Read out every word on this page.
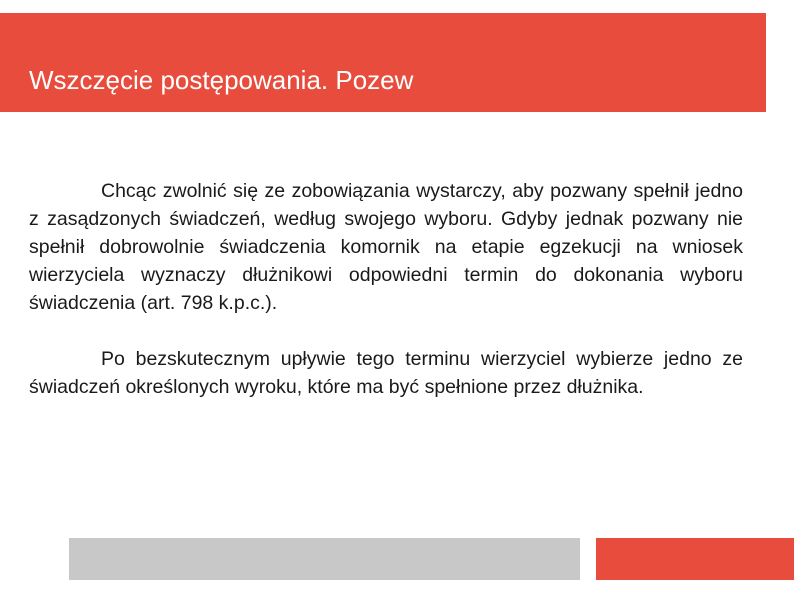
Wszczęcie postępowania. Pozew

Chcąc zwolnić się ze zobowiązania wystarczy, aby pozwany spełnił jedno z zasądzonych świadczeń, według swojego wyboru. Gdyby jednak pozwany nie spełnił dobrowolnie świadczenia komornik na etapie egzekucji na wniosek wierzyciela wyznaczy dłużnikowi odpowiedni termin do dokonania wyboru świadczenia (art. 798 k.p.c.).

Po bezskutecznym upływie tego terminu wierzyciel wybierze jedno ze świadczeń określonych wyroku, które ma być spełnione przez dłużnika.
